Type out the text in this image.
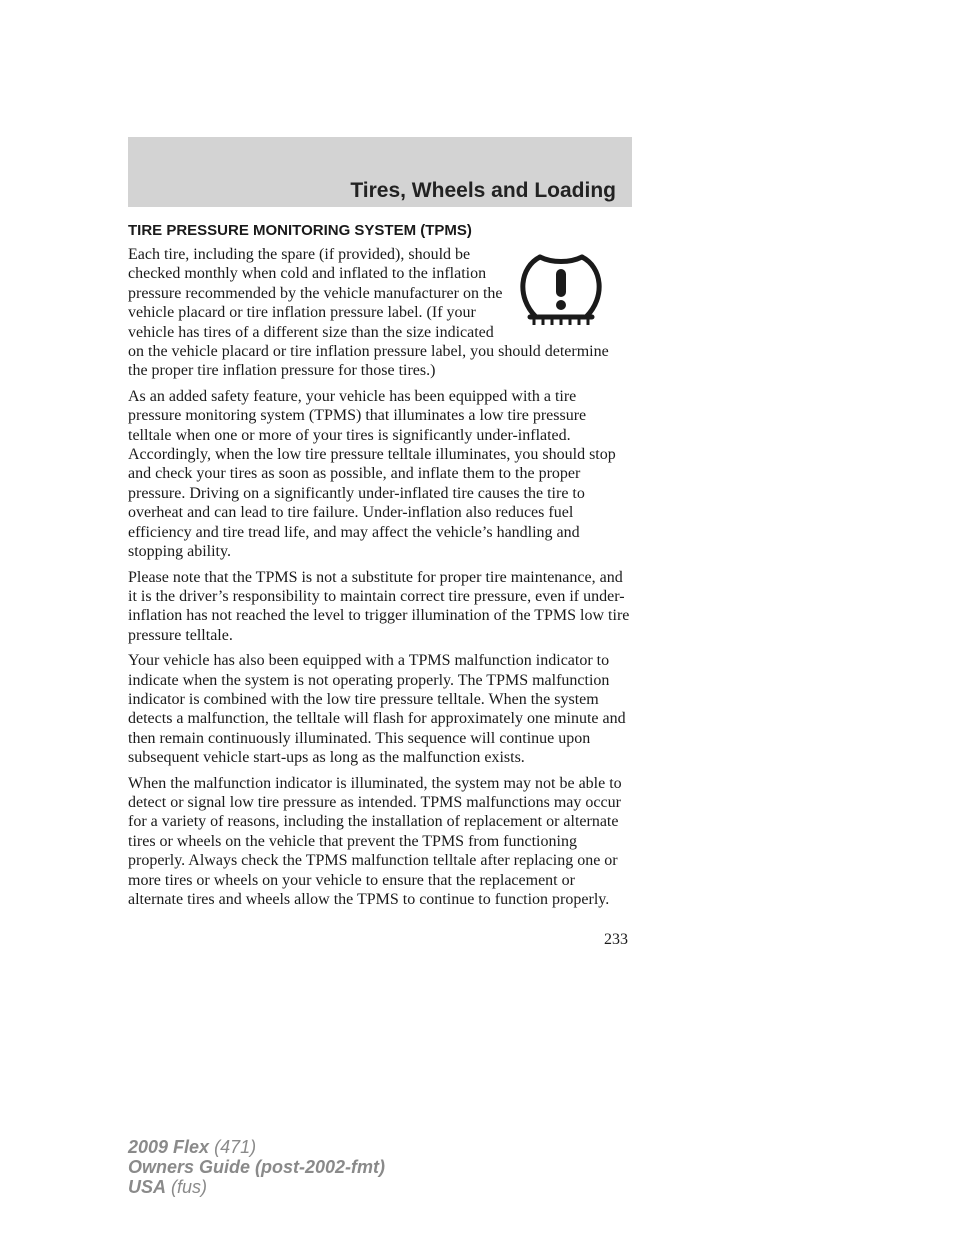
Tires, Wheels and Loading
TIRE PRESSURE MONITORING SYSTEM (TPMS)
Each tire, including the spare (if provided), should be checked monthly when cold and inflated to the inflation pressure recommended by the vehicle manufacturer on the vehicle placard or tire inflation pressure label. (If your vehicle has tires of a different size than the size indicated on the vehicle placard or tire inflation pressure label, you should determine the proper tire inflation pressure for those tires.)

As an added safety feature, your vehicle has been equipped with a tire pressure monitoring system (TPMS) that illuminates a low tire pressure telltale when one or more of your tires is significantly under-inflated. Accordingly, when the low tire pressure telltale illuminates, you should stop and check your tires as soon as possible, and inflate them to the proper pressure. Driving on a significantly under-inflated tire causes the tire to overheat and can lead to tire failure. Under-inflation also reduces fuel efficiency and tire tread life, and may affect the vehicle’s handling and stopping ability.

Please note that the TPMS is not a substitute for proper tire maintenance, and it is the driver’s responsibility to maintain correct tire pressure, even if under-inflation has not reached the level to trigger illumination of the TPMS low tire pressure telltale.

Your vehicle has also been equipped with a TPMS malfunction indicator to indicate when the system is not operating properly. The TPMS malfunction indicator is combined with the low tire pressure telltale. When the system detects a malfunction, the telltale will flash for approximately one minute and then remain continuously illuminated. This sequence will continue upon subsequent vehicle start-ups as long as the malfunction exists.

When the malfunction indicator is illuminated, the system may not be able to detect or signal low tire pressure as intended. TPMS malfunctions may occur for a variety of reasons, including the installation of replacement or alternate tires or wheels on the vehicle that prevent the TPMS from functioning properly. Always check the TPMS malfunction telltale after replacing one or more tires or wheels on your vehicle to ensure that the replacement or alternate tires and wheels allow the TPMS to continue to function properly.

233
2009 Flex (471)
Owners Guide (post-2002-fmt)
USA (fus)
